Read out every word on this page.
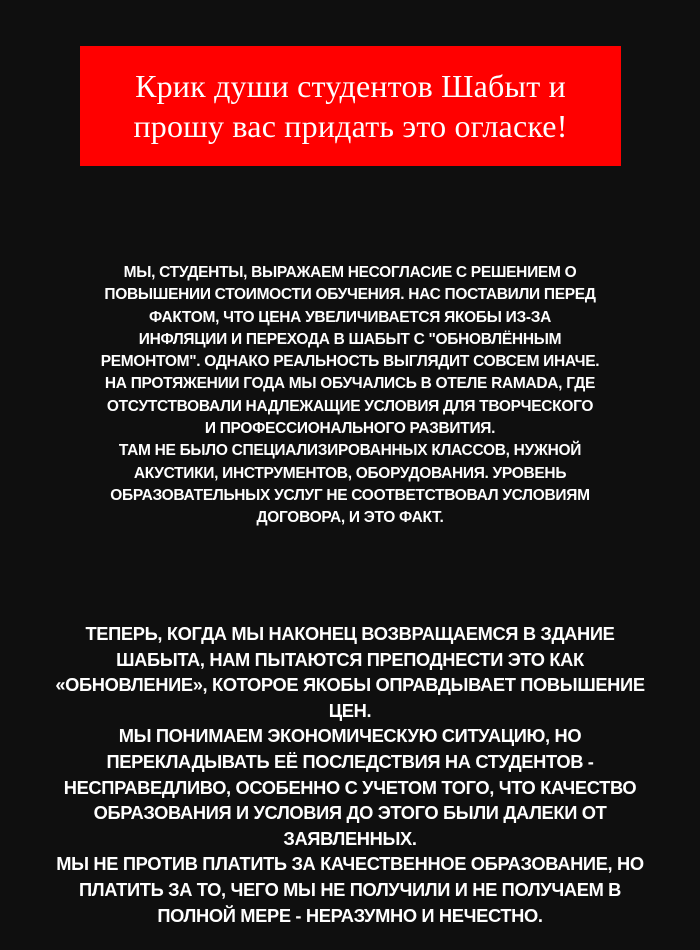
Крик души студентов Шабыт и
прошу вас придать это огласке!
МЫ, СТУДЕНТЫ, ВЫРАЖАЕМ НЕСОГЛАСИЕ С РЕШЕНИЕМ О
ПОВЫШЕНИИ СТОИМОСТИ ОБУЧЕНИЯ. НАС ПОСТАВИЛИ ПЕРЕД
ФАКТОМ, ЧТО ЦЕНА УВЕЛИЧИВАЕТСЯ ЯКОБЫ ИЗ-ЗА
ИНФЛЯЦИИ И ПЕРЕХОДА В ШАБЫТ С "ОБНОВЛЁННЫМ
РЕМОНТОМ". ОДНАКО РЕАЛЬНОСТЬ ВЫГЛЯДИТ СОВСЕМ ИНАЧЕ.
НА ПРОТЯЖЕНИИ ГОДА МЫ ОБУЧАЛИСЬ В ОТЕЛЕ RAMADA, ГДЕ
ОТСУТСТВОВАЛИ НАДЛЕЖАЩИЕ УСЛОВИЯ ДЛЯ ТВОРЧЕСКОГО
И ПРОФЕССИОНАЛЬНОГО РАЗВИТИЯ.
ТАМ НЕ БЫЛО СПЕЦИАЛИЗИРОВАННЫХ КЛАССОВ, НУЖНОЙ
АКУСТИКИ, ИНСТРУМЕНТОВ, ОБОРУДОВАНИЯ. УРОВЕНЬ
ОБРАЗОВАТЕЛЬНЫХ УСЛУГ НЕ СООТВЕТСТВОВАЛ УСЛОВИЯМ
ДОГОВОРА, И ЭТО ФАКТ.
ТЕПЕРЬ, КОГДА МЫ НАКОНЕЦ ВОЗВРАЩАЕМСЯ В ЗДАНИЕ
ШАБЫТА, НАМ ПЫТАЮТСЯ ПРЕПОДНЕСТИ ЭТО КАК
«ОБНОВЛЕНИЕ», КОТОРОЕ ЯКОБЫ ОПРАВДЫВАЕТ ПОВЫШЕНИЕ
ЦЕН.
МЫ ПОНИМАЕМ ЭКОНОМИЧЕСКУЮ СИТУАЦИЮ, НО
ПЕРЕКЛАДЫВАТЬ ЕЁ ПОСЛЕДСТВИЯ НА СТУДЕНТОВ -
НЕСПРАВЕДЛИВО, ОСОБЕННО С УЧЕТОМ ТОГО, ЧТО КАЧЕСТВО
ОБРАЗОВАНИЯ И УСЛОВИЯ ДО ЭТОГО БЫЛИ ДАЛЕКИ ОТ
ЗАЯВЛЕННЫХ.
МЫ НЕ ПРОТИВ ПЛАТИТЬ ЗА КАЧЕСТВЕННОЕ ОБРАЗОВАНИЕ, НО
ПЛАТИТЬ ЗА ТО, ЧЕГО МЫ НЕ ПОЛУЧИЛИ И НЕ ПОЛУЧАЕМ В
ПОЛНОЙ МЕРЕ - НЕРАЗУМНО И НЕЧЕСТНО.
